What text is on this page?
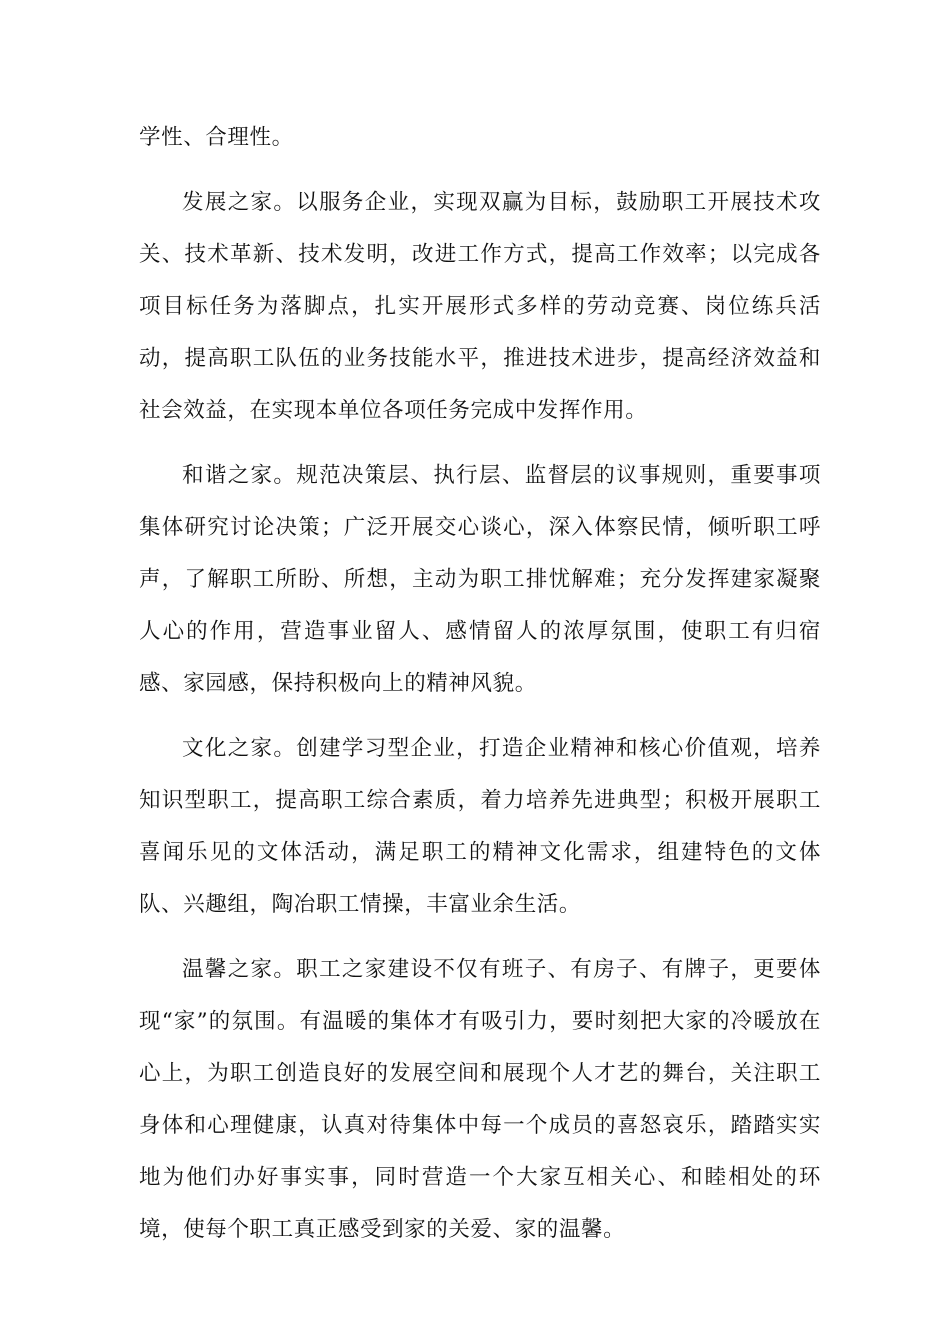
学性、合理性。

发展之家。以服务企业，实现双赢为目标，鼓励职工开展技术攻关、技术革新、技术发明，改进工作方式，提高工作效率；以完成各项目标任务为落脚点，扎实开展形式多样的劳动竞赛、岗位练兵活动，提高职工队伍的业务技能水平，推进技术进步，提高经济效益和社会效益，在实现本单位各项任务完成中发挥作用。

和谐之家。规范决策层、执行层、监督层的议事规则，重要事项集体研究讨论决策；广泛开展交心谈心，深入体察民情，倾听职工呼声，了解职工所盼、所想，主动为职工排忧解难；充分发挥建家凝聚人心的作用，营造事业留人、感情留人的浓厚氛围，使职工有归宿感、家园感，保持积极向上的精神风貌。

文化之家。创建学习型企业，打造企业精神和核心价值观，培养知识型职工，提高职工综合素质，着力培养先进典型；积极开展职工喜闻乐见的文体活动，满足职工的精神文化需求，组建特色的文体队、兴趣组，陶冶职工情操，丰富业余生活。

温馨之家。职工之家建设不仅有班子、有房子、有牌子，更要体现“家”的氛围。有温暖的集体才有吸引力，要时刻把大家的冷暖放在心上，为职工创造良好的发展空间和展现个人才艺的舞台，关注职工身体和心理健康，认真对待集体中每一个成员的喜怒哀乐，踏踏实实地为他们办好事实事，同时营造一个大家互相关心、和睦相处的环境，使每个职工真正感受到家的关爱、家的温馨。
